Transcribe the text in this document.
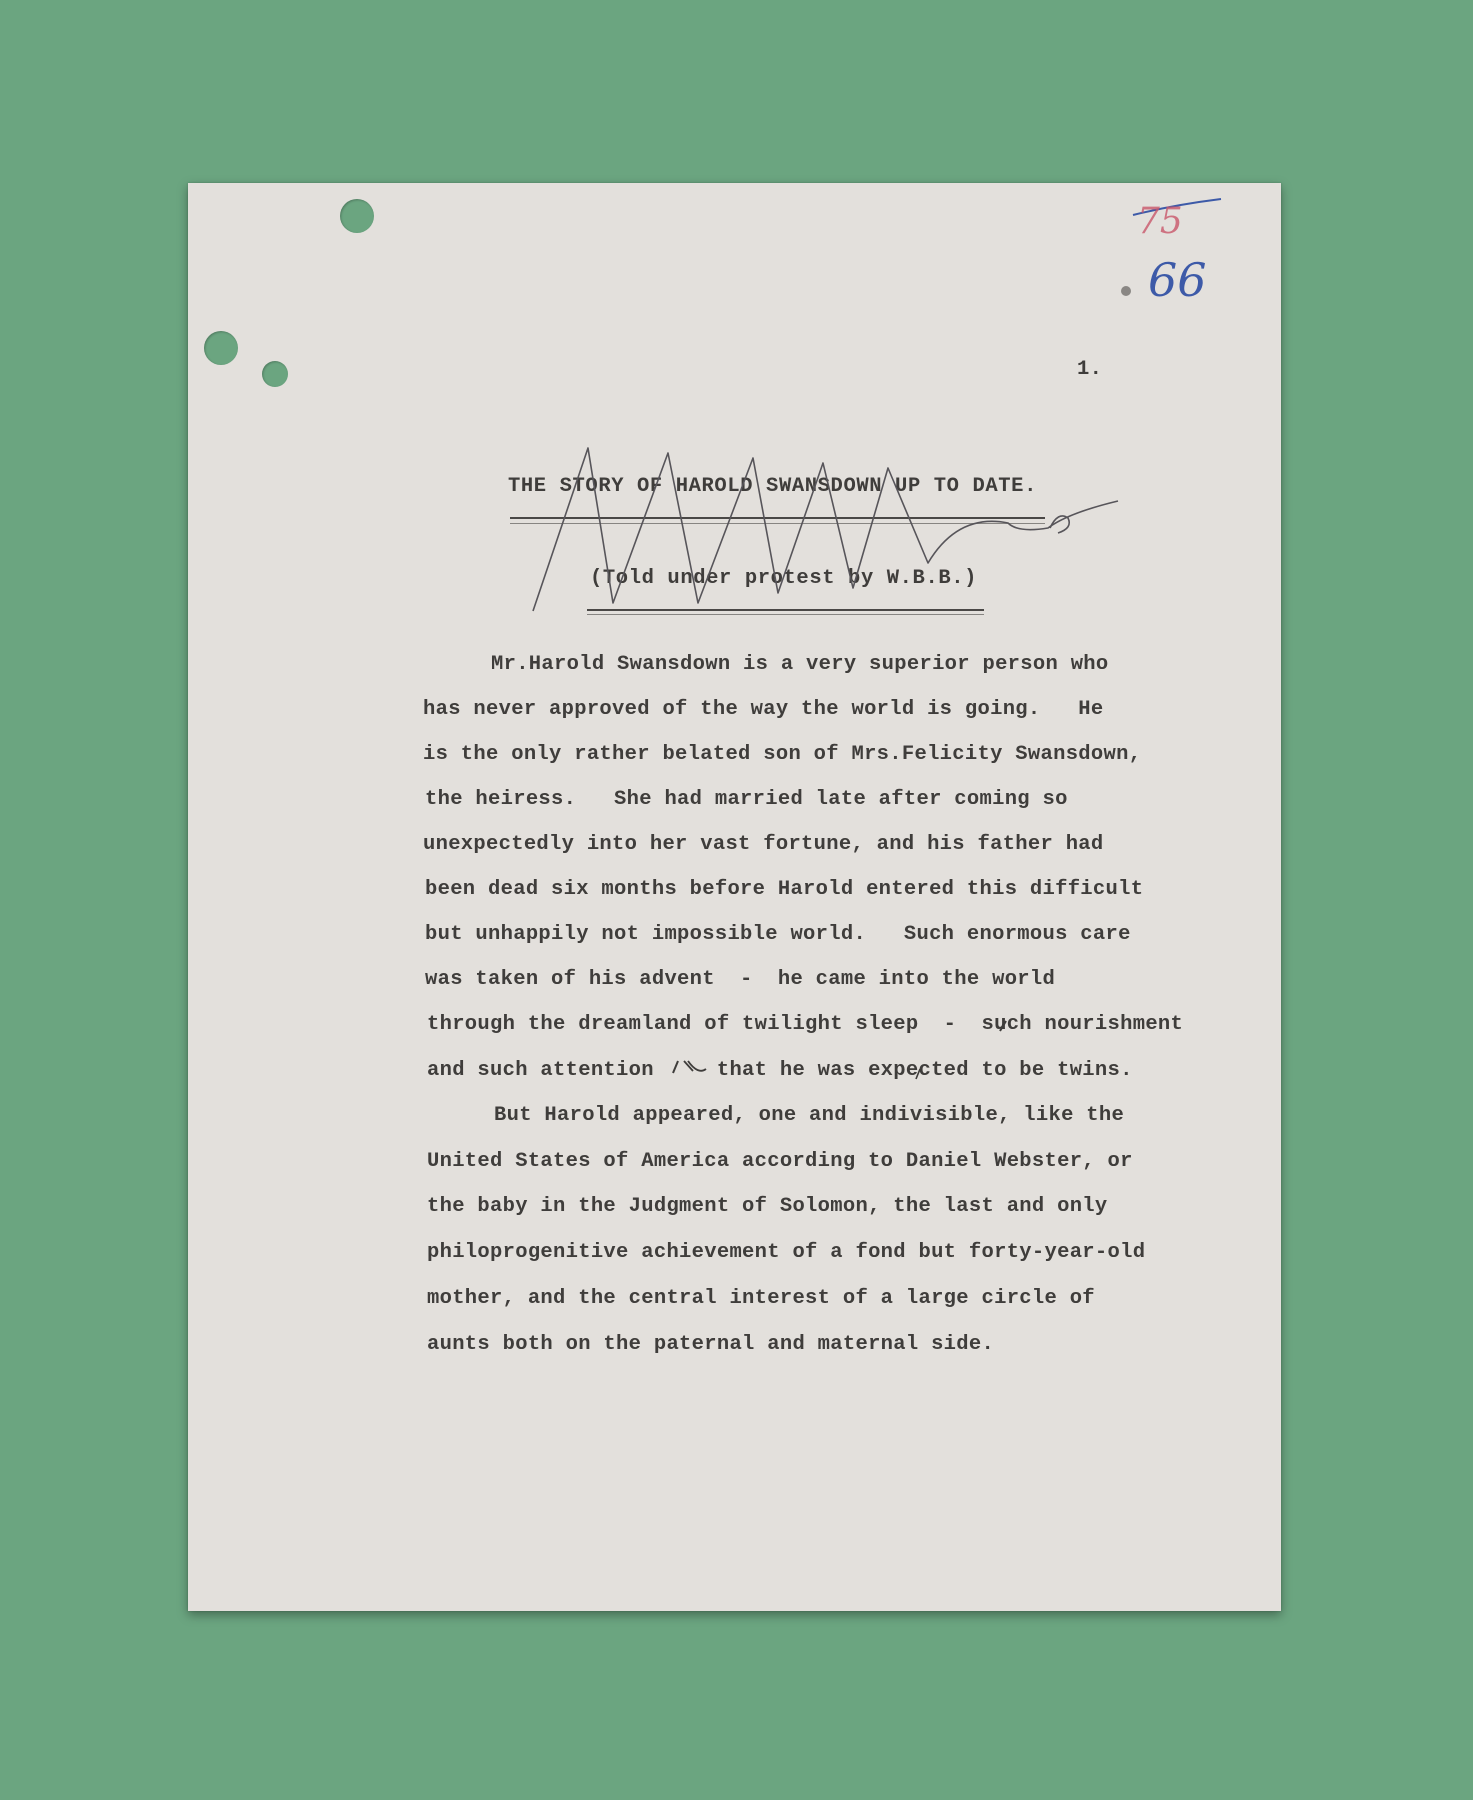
1.

THE STORY OF HAROLD SWANSDOWN UP TO DATE.

(Told under protest by W.B.B.)

Mr.Harold Swansdown is a very superior person who

has never approved of the way the world is going.   He

is the only rather belated son of Mrs.Felicity Swansdown,

the heiress.   She had married late after coming so

unexpectedly into her vast fortune, and his father had

been dead six months before Harold entered this difficult

but unhappily not impossible world.   Such enormous care

was taken of his advent  -  he came into the world

through the dreamland of twilight sleep  -  such nourishment

and such attention     that he was expected to be twins.

But Harold appeared, one and indivisible, like the

United States of America according to Daniel Webster, or

the baby in the Judgment of Solomon, the last and only

philoprogenitive achievement of a fond but forty-year-old

mother, and the central interest of a large circle of

aunts both on the paternal and maternal side.

75
66
